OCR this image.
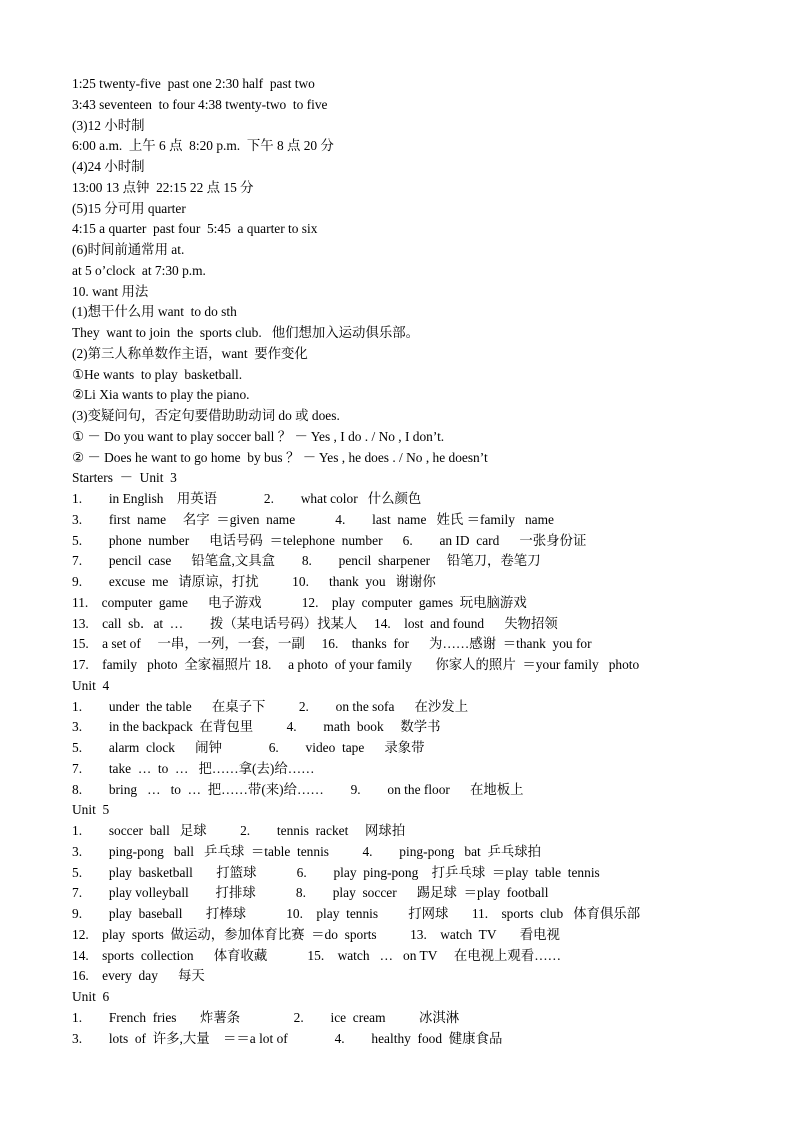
1:25 twenty-five  past one 2:30 half  past two
3:43 seventeen  to four 4:38 twenty-two  to five
(3)12 小时制
6:00 a.m.  上午 6 点  8:20 p.m.  下午 8 点 20 分
(4)24 小时制
13:00 13 点钟  22:15 22 点 15 分
(5)15 分可用 quarter
4:15 a quarter  past four  5:45  a quarter to six
(6)时间前通常用 at.
at 5 o’clock  at 7:30 p.m.
10. want 用法
(1)想干什么用 want  to do sth
They  want to join  the  sports club.   他们想加入运动俱乐部。
(2)第三人称单数作主语，want  要作变化
①He wants  to play  basketball.
②Li Xia wants to play the piano.
(3)变疑问句，否定句要借助助动词 do 或 does.
① － Do you want to play soccer ball ？ － Yes , I do . / No , I don’t.
② － Does he want to go home  by bus ？ － Yes , he does . / No , he doesn’t
Starters  －  Unit  3
1.        in English    用英语              2.        what color   什么颜色
3.        first  name     名字  ＝given  name            4.        last  name   姓氏 ＝family   name
5.        phone  number      电话号码  ＝telephone  number      6.        an ID  card      一张身份证
7.        pencil  case      铅笔盒,文具盒        8.        pencil  sharpener     铅笔刀，卷笔刀
9.        excuse  me   请原谅，打扰          10.      thank  you   谢谢你
11.    computer  game      电子游戏            12.    play  computer  games  玩电脑游戏
13.    call  sb．at  …        拨（某电话号码）找某人     14.    lost  and found      失物招领
15.    a set of     一串，一列，一套，一副     16.    thanks  for      为……感谢  ＝thank  you for
17.    family   photo  全家福照片 18.     a photo  of your family       你家人的照片  ＝your family   photo
Unit  4
1.        under  the table      在桌子下          2.        on the sofa      在沙发上
3.        in the backpack  在背包里          4.        math  book     数学书
5.        alarm  clock      闹钟              6.        video  tape      录象带
7.        take  …  to  …   把……拿(去)给……
8.        bring   …   to  …  把……带(来)给……        9.        on the floor      在地板上
Unit  5
1.        soccer  ball   足球          2.        tennis  racket     网球拍
3.        ping-pong   ball   乒乓球  ＝table  tennis          4.        ping-pong   bat  乒乓球拍
5.        play  basketball       打篮球            6.        play  ping-pong    打乒乓球  ＝play  table  tennis
7.        play volleyball        打排球            8.        play  soccer      踢足球  ＝play  football
9.        play  baseball       打棒球            10.    play  tennis         打网球       11.    sports  club   体育俱乐部
12.    play  sports  做运动，参加体育比赛  ＝do  sports          13.    watch  TV       看电视
14.    sports  collection      体育收藏            15.    watch   …   on TV     在电视上观看……
16.    every  day      每天
Unit  6
1.        French  fries       炸薯条                2.        ice  cream          冰淇淋
3.        lots  of  许多,大量    ＝＝a lot of              4.        healthy  food  健康食品
